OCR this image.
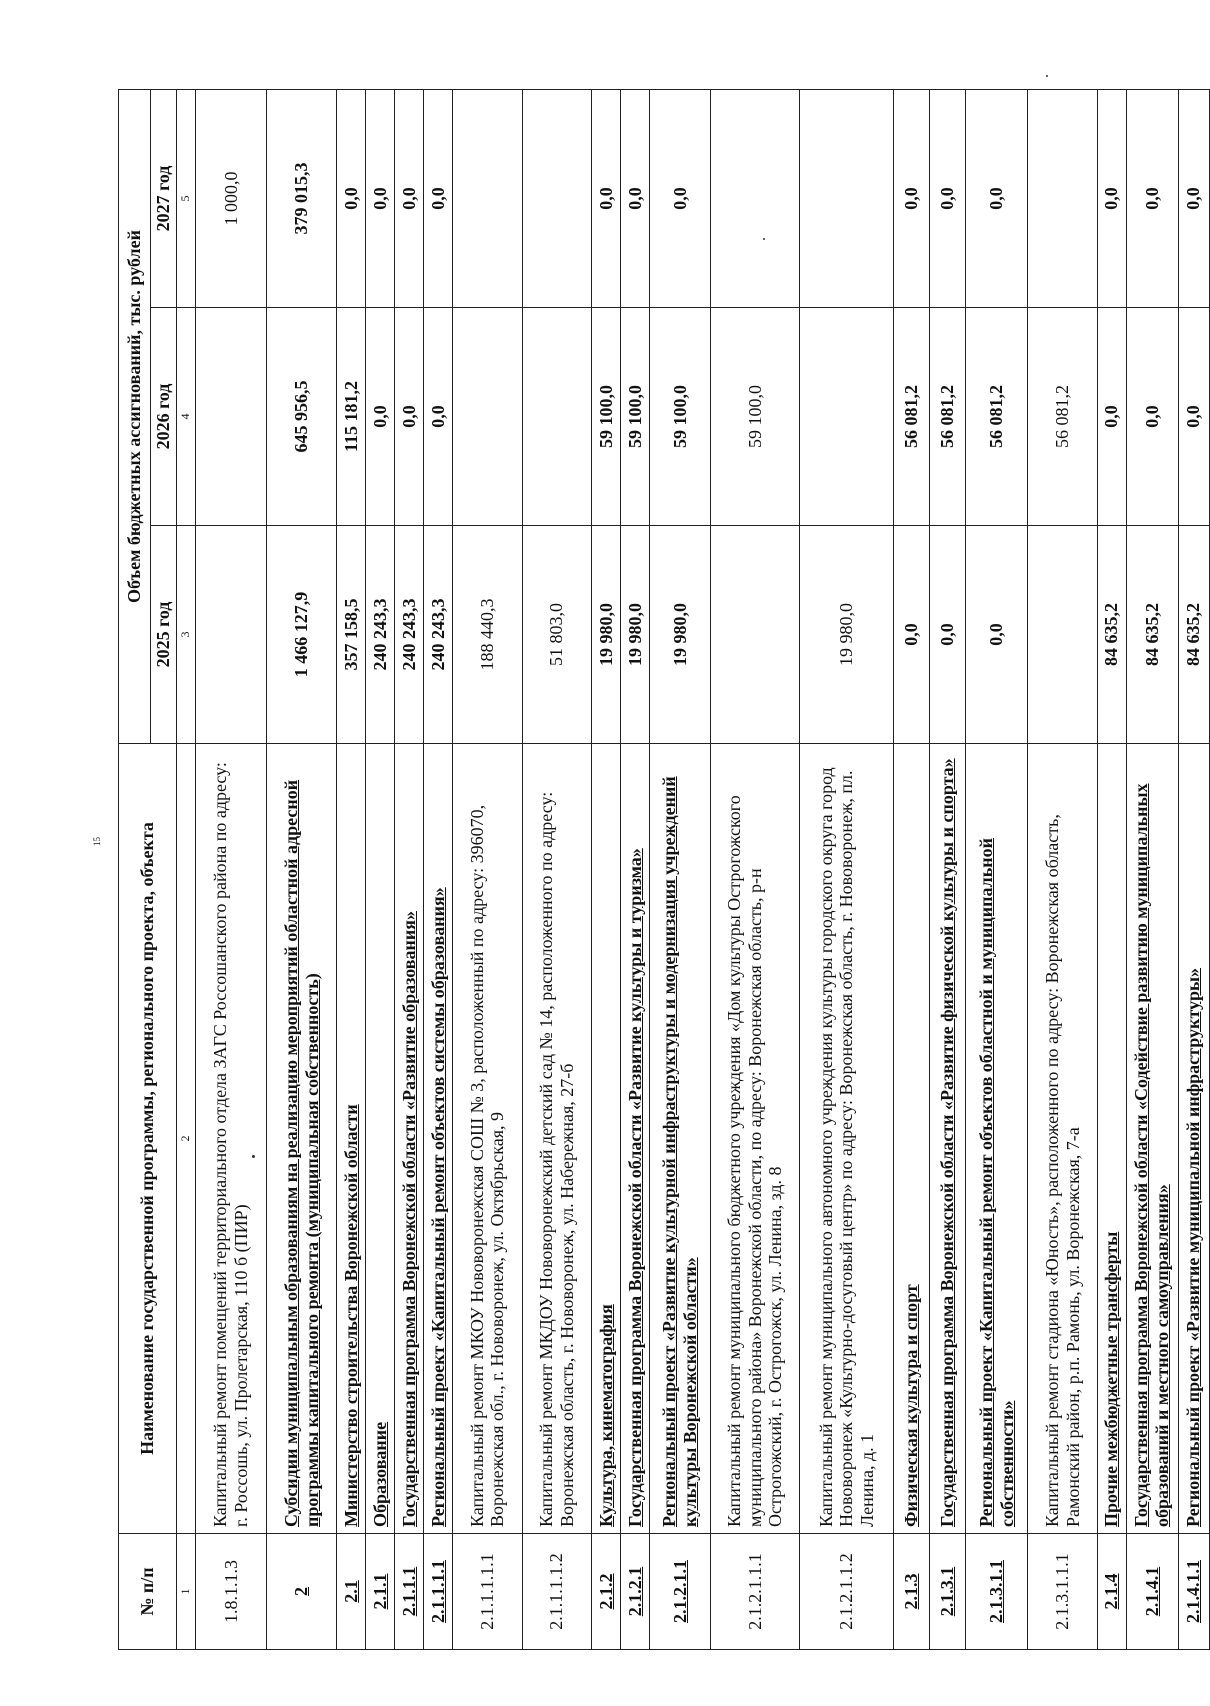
15
№ п/п	Наименование государственной программы, регионального проекта, объекта	Объем бюджетных ассигнований, тыс. рублей		
		2025 год	2026 год	2027 год
1	2	3	4	5
1.8.1.1.3	Капитальный ремонт помещений территориального отдела ЗАГС Россошанского района по адресу: г. Россошь, ул. Пролетарская, 110 б (ПИР)			1 000,0
2	Субсидии муниципальным образованиям на реализацию мероприятий областной адресной программы капитального ремонта (муниципальная собственность)	1 466 127,9	645 956,5	379 015,3
2.1	Министерство строительства Воронежской области	357 158,5	115 181,2	0,0
2.1.1	Образование	240 243,3	0,0	0,0
2.1.1.1	Государственная программа Воронежской области «Развитие образования»	240 243,3	0,0	0,0
2.1.1.1.1	Региональный проект «Капитальный ремонт объектов системы образования»	240 243,3	0,0	0,0
2.1.1.1.1.1	Капитальный ремонт МКОУ Нововоронежская СОШ № 3, расположенный по адресу: 396070, Воронежская обл., г. Нововоронеж, ул. Октябрьская, 9	188 440,3		
2.1.1.1.1.2	Капитальный ремонт МКДОУ Нововоронежский детский сад № 14, расположенного по адресу: Воронежская область, г. Нововоронеж, ул. Набережная, 27-б	51 803,0		
2.1.2	Культура, кинематография	19 980,0	59 100,0	0,0
2.1.2.1	Государственная программа Воронежской области «Развитие культуры и туризма»	19 980,0	59 100,0	0,0
2.1.2.1.1	Региональный проект «Развитие культурной инфраструктуры и модернизация учреждений культуры Воронежской области»	19 980,0	59 100,0	0,0
2.1.2.1.1.1	Капитальный ремонт муниципального бюджетного учреждения «Дом культуры Острогожского муниципального района» Воронежской области, по адресу: Воронежская область, р-н Острогожский, г. Острогожск, ул. Ленина, зд. 8		59 100,0	
2.1.2.1.1.2	Капитальный ремонт муниципального автономного учреждения культуры городского округа город Нововоронеж «Культурно-досуговый центр» по адресу: Воронежская область, г. Нововоронеж, пл. Ленина, д. 1	19 980,0		
2.1.3	Физическая культура и спорт	0,0	56 081,2	0,0
2.1.3.1	Государственная программа Воронежской области «Развитие физической культуры и спорта»	0,0	56 081,2	0,0
2.1.3.1.1	Региональный проект «Капитальный ремонт объектов областной и муниципальной собственности»	0,0	56 081,2	0,0
2.1.3.1.1.1	Капитальный ремонт стадиона «Юность», расположенного по адресу: Воронежская область, Рамонский район, р.п. Рамонь, ул. Воронежская, 7-а		56 081,2	
2.1.4	Прочие межбюджетные трансферты	84 635,2	0,0	0,0
2.1.4.1	Государственная программа Воронежской области «Содействие развитию муниципальных образований и местного самоуправления»	84 635,2	0,0	0,0
2.1.4.1.1	Региональный проект «Развитие муниципальной инфраструктуры»	84 635,2	0,0	0,0
